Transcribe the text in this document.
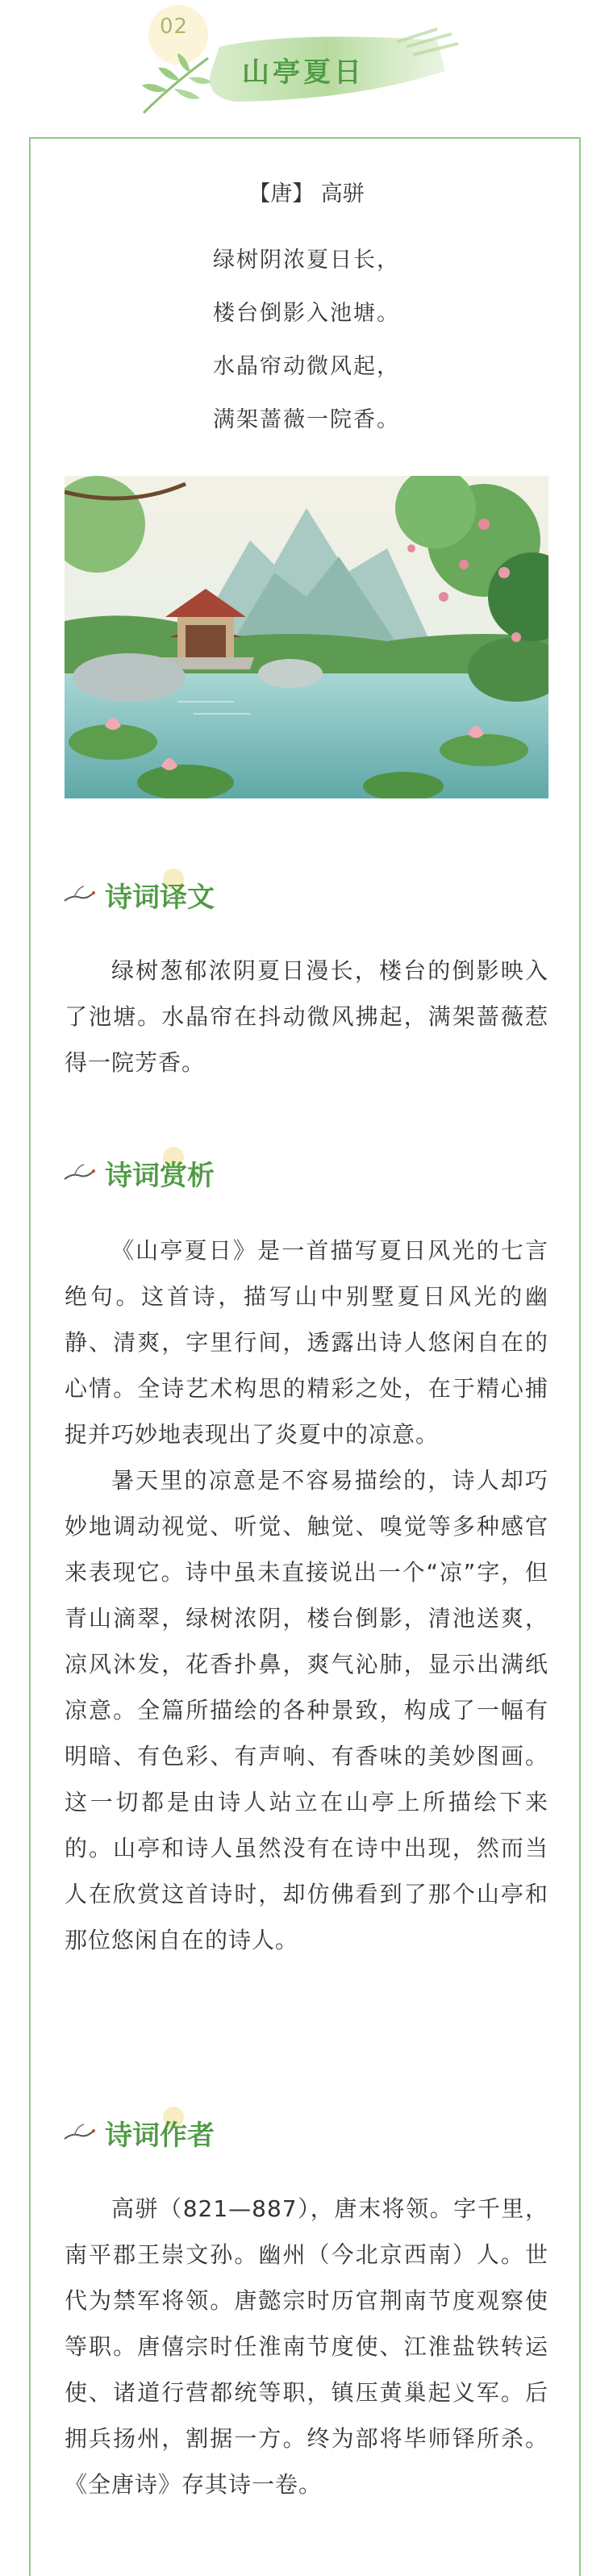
02
山亭夏日
【唐】 高骈
绿树阴浓夏日长，
楼台倒影入池塘。
水晶帘动微风起，
满架蔷薇一院香。
诗词译文
绿树葱郁浓阴夏日漫长，楼台的倒影映入了池塘。水晶帘在抖动微风拂起，满架蔷薇惹得一院芳香。
诗词赏析
《山亭夏日》是一首描写夏日风光的七言绝句。这首诗，描写山中别墅夏日风光的幽静、清爽，字里行间，透露出诗人悠闲自在的心情。全诗艺术构思的精彩之处，在于精心捕捉并巧妙地表现出了炎夏中的凉意。
暑天里的凉意是不容易描绘的，诗人却巧妙地调动视觉、听觉、触觉、嗅觉等多种感官来表现它。诗中虽未直接说出一个“凉”字，但青山滴翠，绿树浓阴，楼台倒影，清池送爽，凉风沐发，花香扑鼻，爽气沁肺，显示出满纸凉意。全篇所描绘的各种景致，构成了一幅有明暗、有色彩、有声响、有香味的美妙图画。这一切都是由诗人站立在山亭上所描绘下来的。山亭和诗人虽然没有在诗中出现，然而当人在欣赏这首诗时，却仿佛看到了那个山亭和那位悠闲自在的诗人。
诗词作者
高骈（821—887），唐末将领。字千里，南平郡王崇文孙。幽州（今北京西南）人。世代为禁军将领。唐懿宗时历官荆南节度观察使等职。唐僖宗时任淮南节度使、江淮盐铁转运使、诸道行营都统等职，镇压黄巢起义军。后拥兵扬州，割据一方。终为部将毕师铎所杀。《全唐诗》存其诗一卷。
